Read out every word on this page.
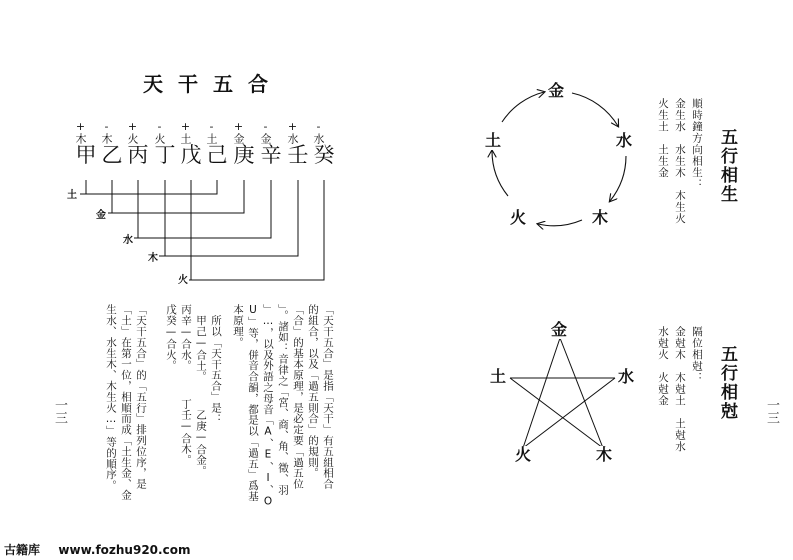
天干五合
+木
甲
-木
乙
+火
丙
-火
丁
+土
戊
-土
己
+金
庚
-金
辛
+水
壬
-水
癸
土
金
水
木
火
「天干五合」是指「天干」有五組相合
的組合，以及「過五則合」的規則。
「合」的基本原理，是必定要「過五位
」。諸如：音律之「宮、商、角、徵、羽
」…，以及外語之母音「A、E、I、O
U」等，併音合韻，都是以「過五」爲基
本原理。
所以「天干五合」是：
甲己—合土。　　　乙庚—合金。
丙辛—合水。　　　丁壬—合木。
戊癸—合火。
「天干五合」的「五行」排列位序，是
「土」在第一位，相順而成「土生金、金
生水、水生木、木生火…」等的順序。
一三
金
水
木
火
土	五行相生
順時鐘方向相生：
金生水　水生木　木生火
火生土　土生金
金
水
木
火
土	五行相尅
隔位相尅：
金尅木　木尅土　土尅水
水尅火　火尅金
一三
古籍库 www.fozhu920.com
